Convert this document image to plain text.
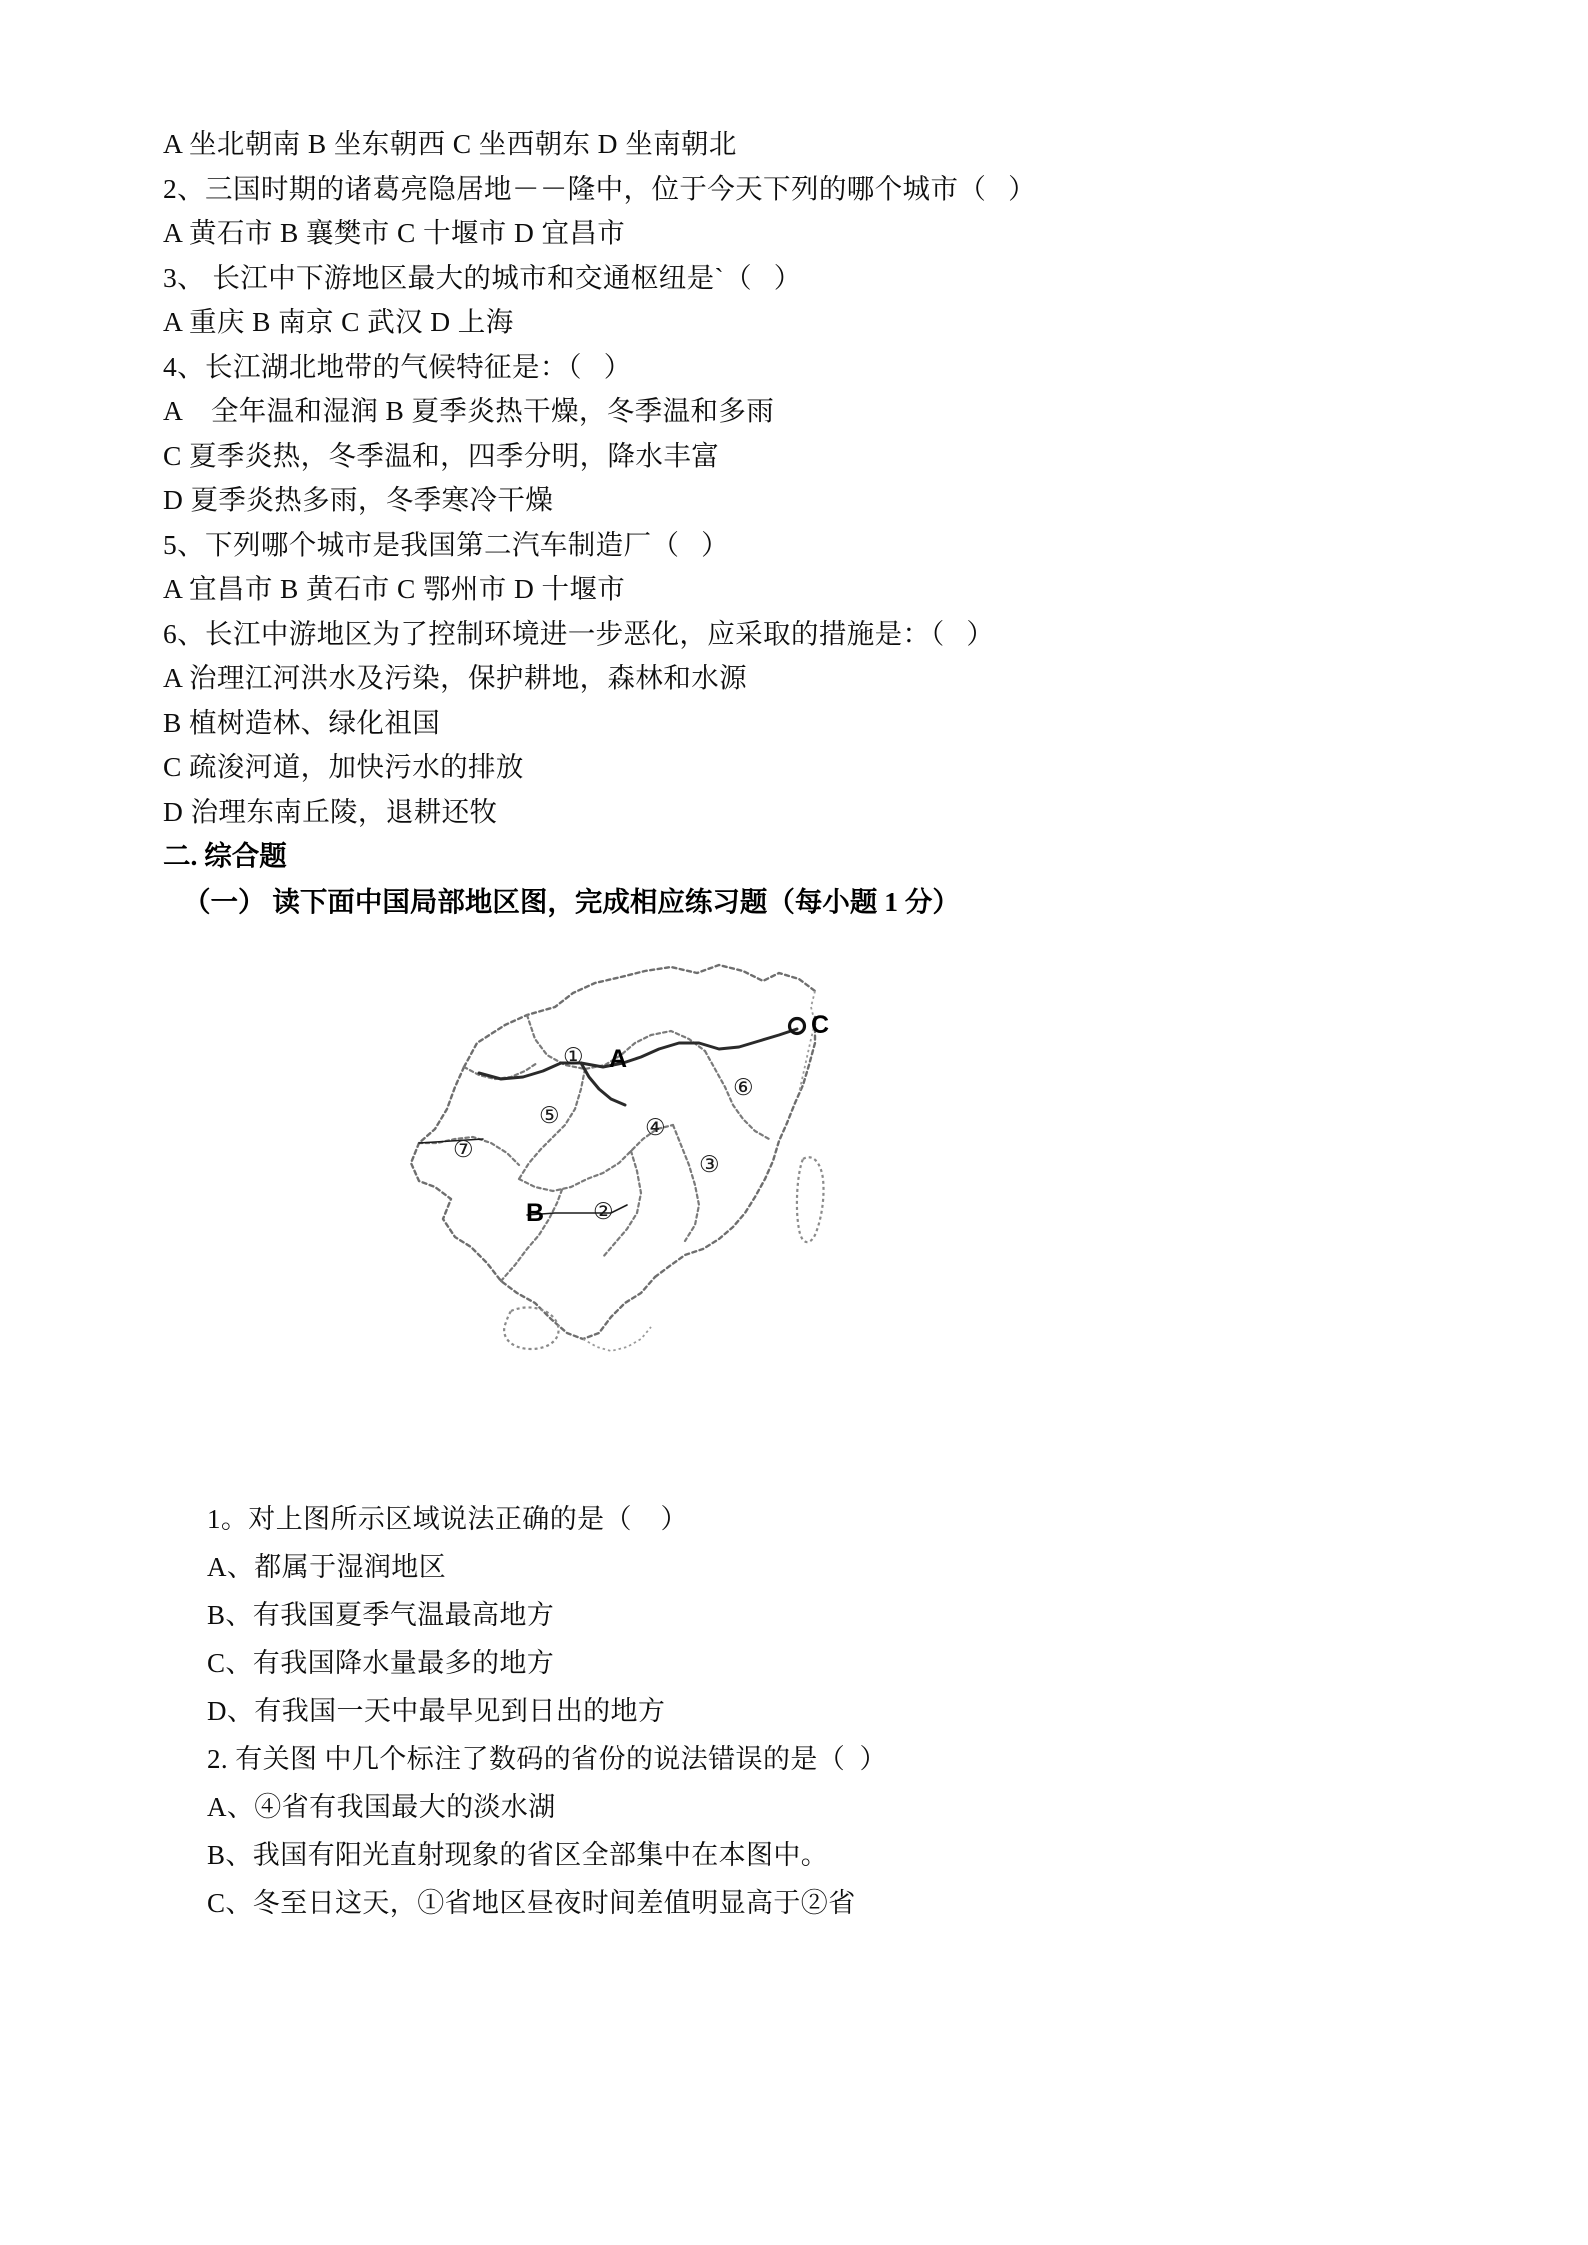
A 坐北朝南 B 坐东朝西 C 坐西朝东 D 坐南朝北
2、三国时期的诸葛亮隐居地－－隆中，位于今天下列的哪个城市（   ）
A 黄石市 B 襄樊市 C 十堰市 D 宜昌市
3、 长江中下游地区最大的城市和交通枢纽是`（   ）
A 重庆 B 南京 C 武汉 D 上海
4、长江湖北地带的气候特征是：（   ）
A    全年温和湿润 B 夏季炎热干燥，冬季温和多雨
C 夏季炎热，冬季温和，四季分明，降水丰富
D 夏季炎热多雨，冬季寒冷干燥
5、下列哪个城市是我国第二汽车制造厂（   ）
A 宜昌市 B 黄石市 C 鄂州市 D 十堰市
6、长江中游地区为了控制环境进一步恶化，应采取的措施是：（   ）
A 治理江河洪水及污染，保护耕地，森林和水源
B 植树造林、绿化祖国
C 疏浚河道，加快污水的排放
D 治理东南丘陵，退耕还牧
二. 综合题
（一） 读下面中国局部地区图，完成相应练习题（每小题 1 分）
A
B
C
①
②
③
④
⑤
⑥
⑦
1。对上图所示区域说法正确的是（    ）
A、都属于湿润地区
B、有我国夏季气温最高地方
C、有我国降水量最多的地方
D、有我国一天中最早见到日出的地方
2. 有关图 中几个标注了数码的省份的说法错误的是（  ）
A、④省有我国最大的淡水湖
B、我国有阳光直射现象的省区全部集中在本图中。
C、冬至日这天，①省地区昼夜时间差值明显高于②省
